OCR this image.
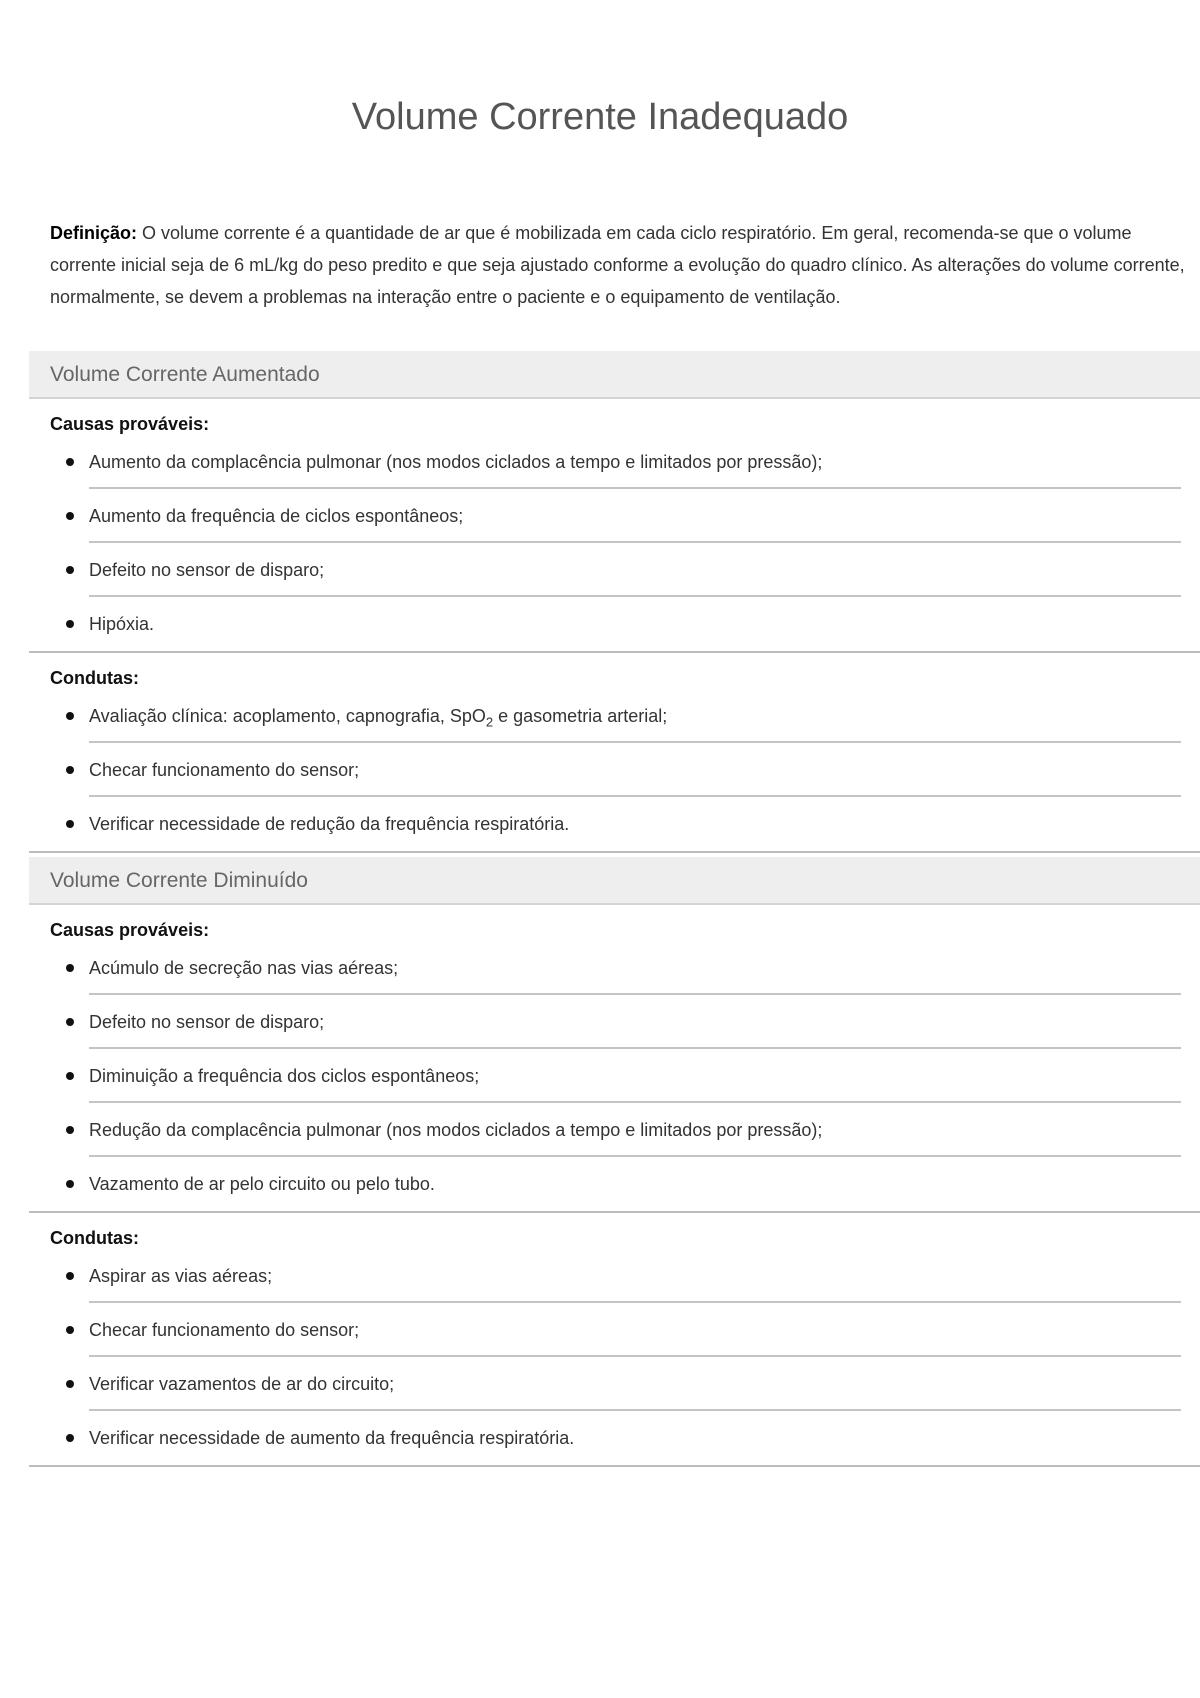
Volume Corrente Inadequado

Definição: O volume corrente é a quantidade de ar que é mobilizada em cada ciclo respiratório. Em geral, recomenda-se que o volume corrente inicial seja de 6 mL/kg do peso predito e que seja ajustado conforme a evolução do quadro clínico. As alterações do volume corrente, normalmente, se devem a problemas na interação entre o paciente e o equipamento de ventilação.

Volume Corrente Aumentado
Causas prováveis:
Aumento da complacência pulmonar (nos modos ciclados a tempo e limitados por pressão);
Aumento da frequência de ciclos espontâneos;
Defeito no sensor de disparo;
Hipóxia.
Condutas:
Avaliação clínica: acoplamento, capnografia, SpO$_2$ e gasometria arterial;
Checar funcionamento do sensor;
Verificar necessidade de redução da frequência respiratória.
Volume Corrente Diminuído
Causas prováveis:
Acúmulo de secreção nas vias aéreas;
Defeito no sensor de disparo;
Diminuição a frequência dos ciclos espontâneos;
Redução da complacência pulmonar (nos modos ciclados a tempo e limitados por pressão);
Vazamento de ar pelo circuito ou pelo tubo.
Condutas:
Aspirar as vias aéreas;
Checar funcionamento do sensor;
Verificar vazamentos de ar do circuito;
Verificar necessidade de aumento da frequência respiratória.
